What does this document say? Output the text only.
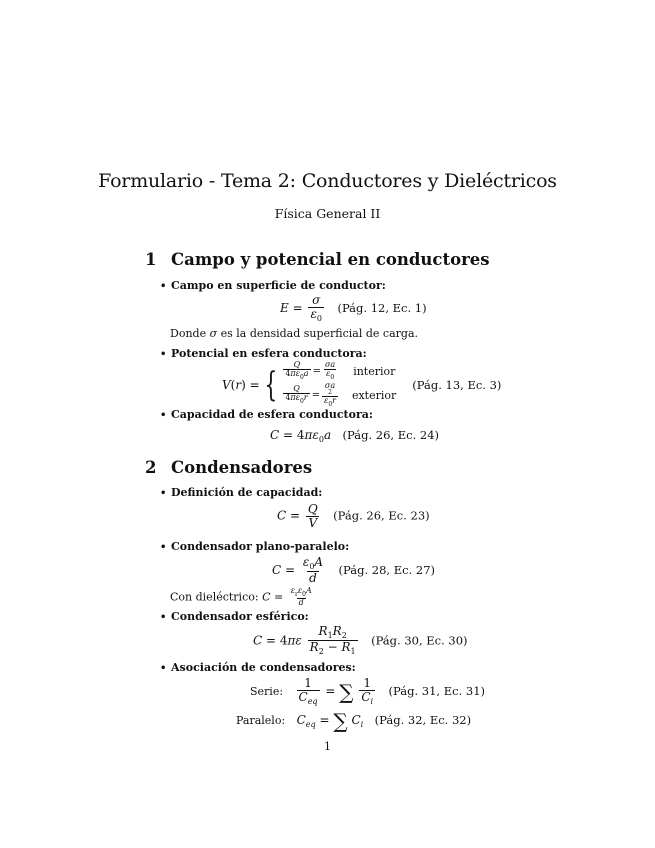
Formulario - Tema 2: Conductores y Dieléctricos
Física General II
1 Campo y potencial en conductores
• Campo en superficie de conductor:
$E = \frac{\sigma}{\varepsilon_0}$ (Pág. 12, Ec. 1)
Donde σ es la densidad superficial de carga.
• Potencial en esfera conductora:
V(r) = { $\frac{Q}{4\pi\varepsilon_0a} = \frac{\sigma a}{\varepsilon_0}$ interior
$\frac{Q}{4\pi\varepsilon_0r}$ =
σa
2
$\varepsilon_0r$ exterior
(Pág. 13, Ec. 3)
• Capacidad de esfera conductora:
$C = 4\pi\varepsilon_0a$ (Pág. 26, Ec. 24)
2 Condensadores
• Definición de capacidad:
$C = \frac{Q}{V}$ (Pág. 26, Ec. 23)
• Condensador plano-paralelo:
$C = \frac{\varepsilon_0A}{d}$ (Pág. 28, Ec. 27)
Con dieléctrico: $C = \frac{\varepsilon_r\varepsilon_0A}{d}$
• Condensador esférico:
$C = 4\pi\varepsilon \frac{R_1R_2}{R_2 - R_1}$ (Pág. 30, Ec. 30)
• Asociación de condensadores:
Serie: $\frac{1}{C_{eq}}$ = ∑ $\frac{1}{C_i}$ (Pág. 31, Ec. 31)
Paralelo: $C_{eq}$ = ∑ $C_i$ (Pág. 32, Ec. 32)
1
